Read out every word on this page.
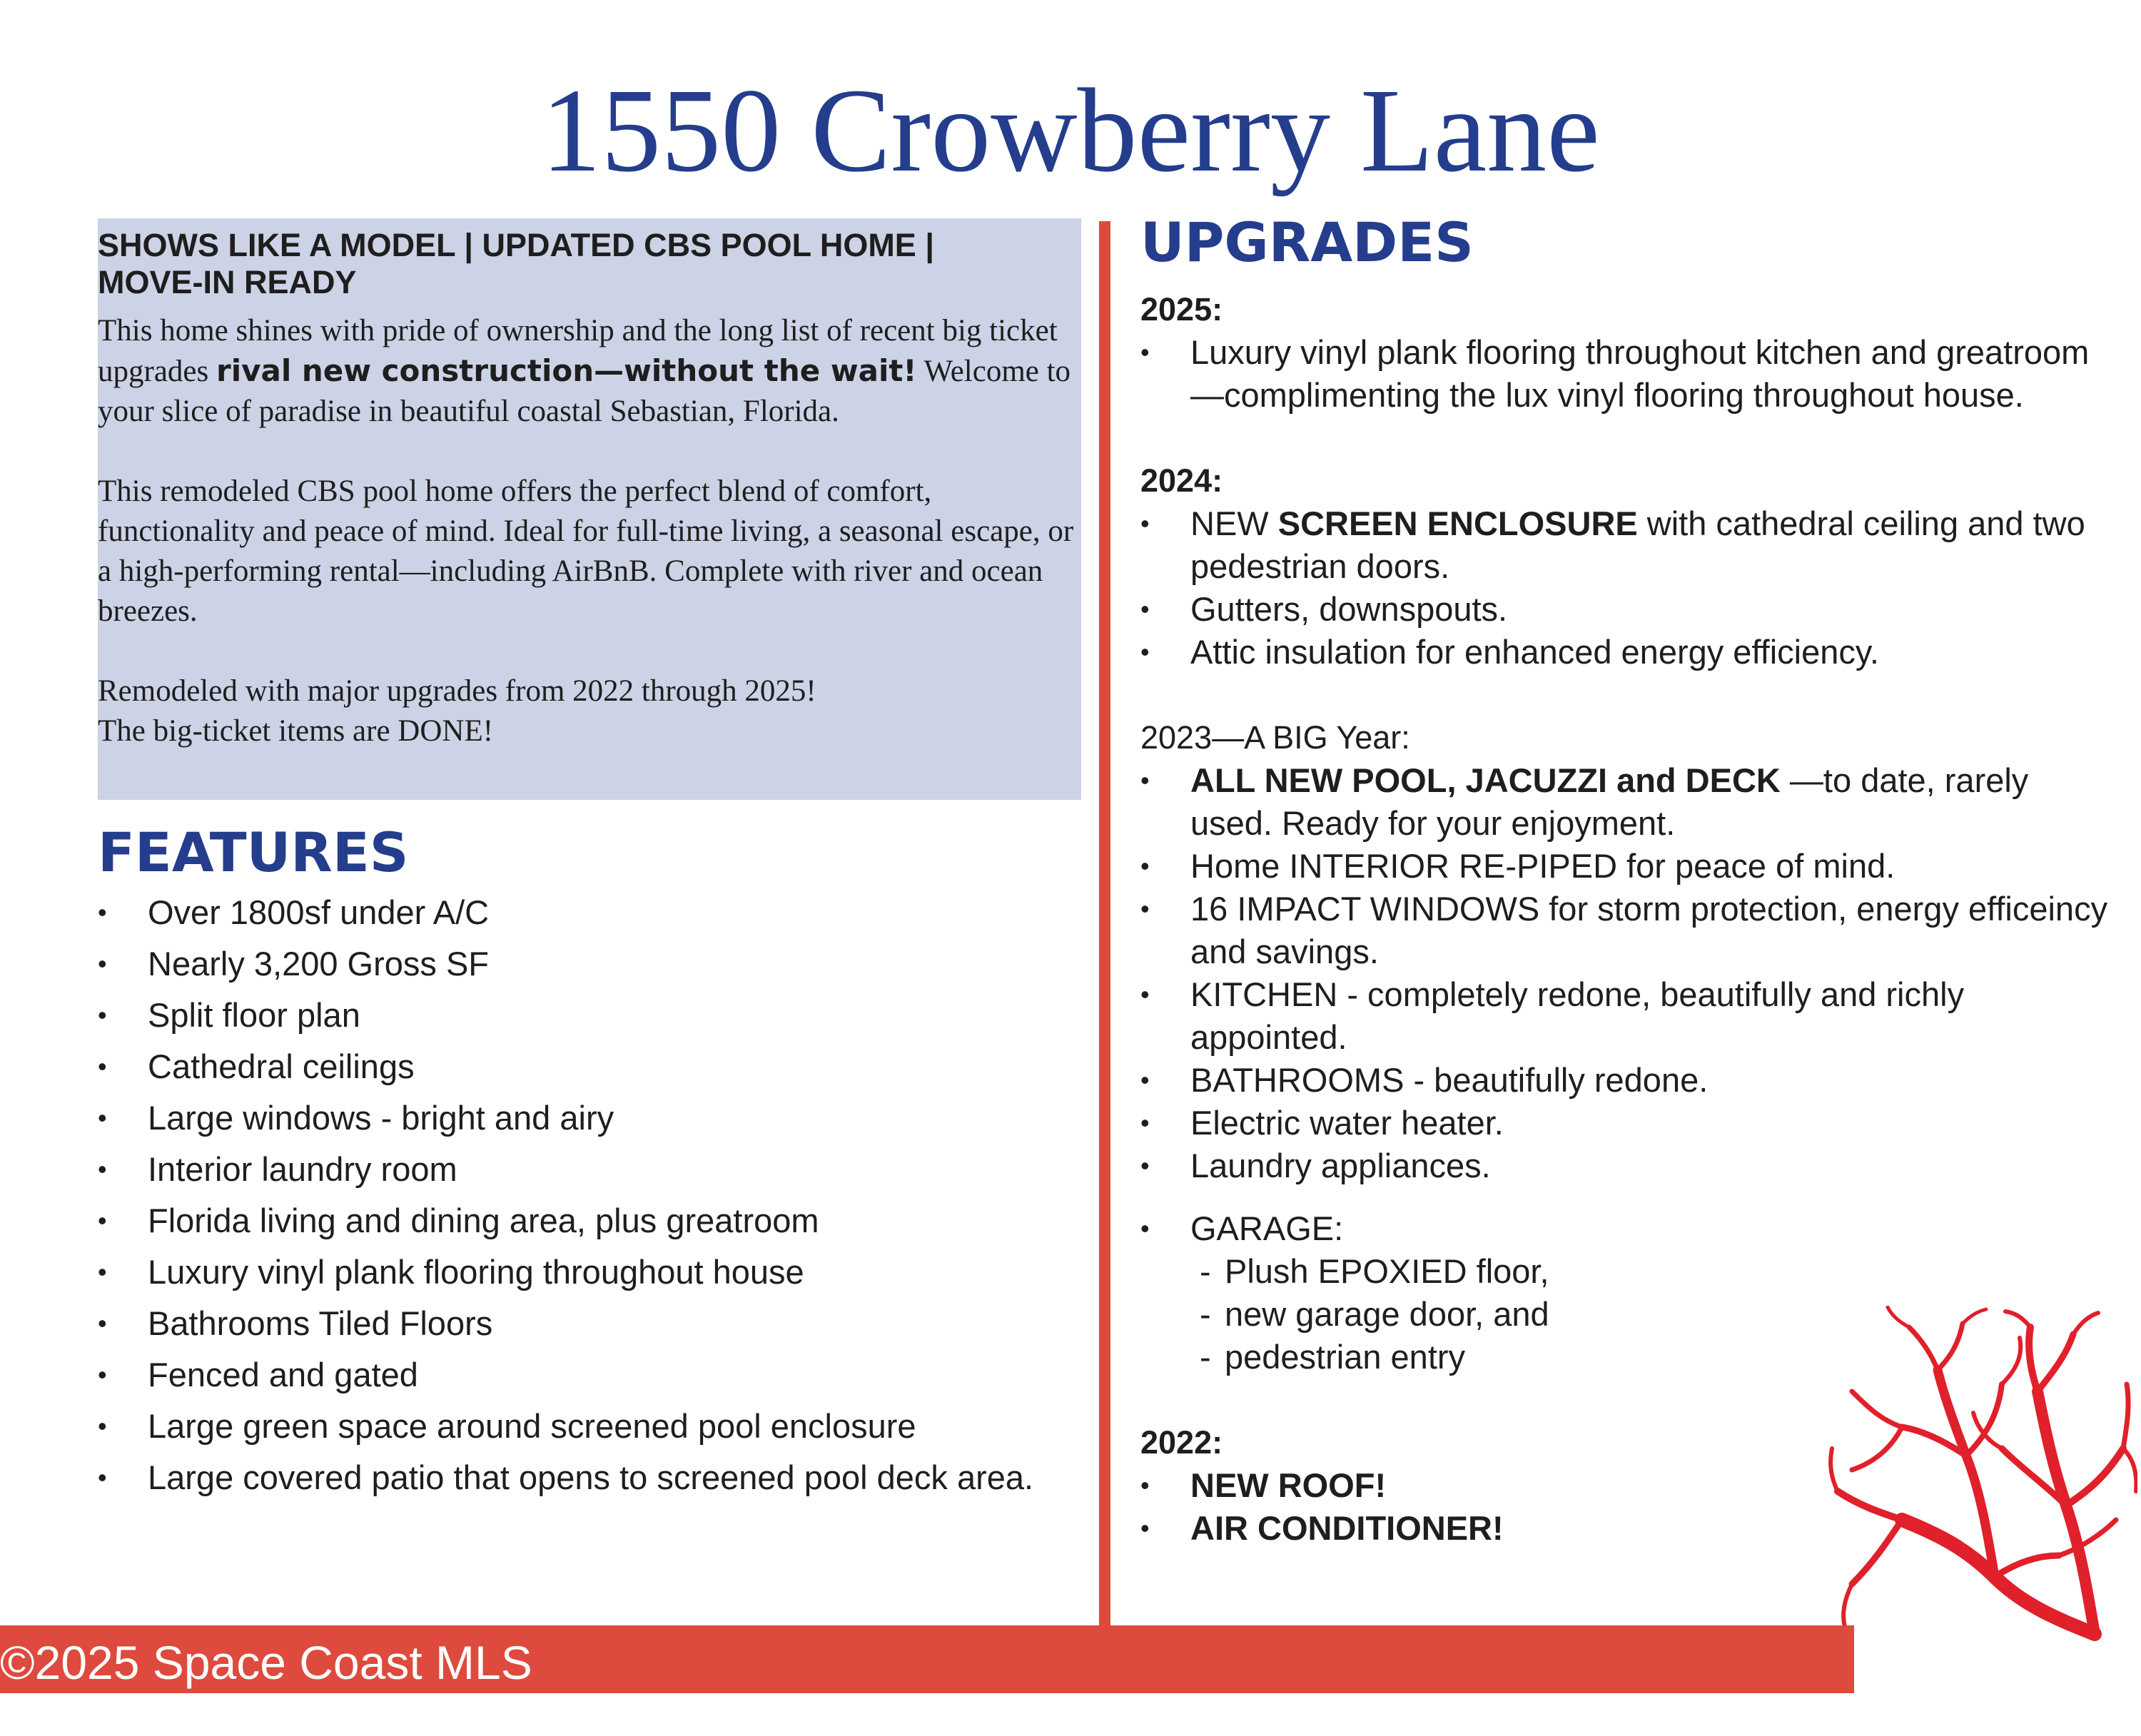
1550 Crowberry Lane

SHOWS LIKE A MODEL | UPDATED CBS POOL HOME |
MOVE-IN READY

This home shines with pride of ownership and the long list of recent big ticket upgrades rival new construction—without the wait! Welcome to your slice of paradise in beautiful coastal Sebastian, Florida.

This remodeled CBS pool home offers the perfect blend of comfort, functionality and peace of mind. Ideal for full-time living, a seasonal escape, or a high-performing rental—including AirBnB. Complete with river and ocean breezes.

Remodeled with major upgrades from 2022 through 2025!
The big-ticket items are DONE!

FEATURES
• Over 1800sf under A/C
• Nearly 3,200 Gross SF
• Split floor plan
• Cathedral ceilings
• Large windows - bright and airy
• Interior laundry room
• Florida living and dining area, plus greatroom
• Luxury vinyl plank flooring throughout house
• Bathrooms Tiled Floors
• Fenced and gated
• Large green space around screened pool enclosure
• Large covered patio that opens to screened pool deck area.
UPGRADES

2025:

• Luxury vinyl plank flooring throughout kitchen and greatroom —complimenting the lux vinyl flooring throughout house.

2024:

• NEW SCREEN ENCLOSURE with cathedral ceiling and two pedestrian doors.
• Gutters, downspouts.
• Attic insulation for enhanced energy efficiency.

2023—A BIG Year:

• ALL NEW POOL, JACUZZI and DECK —to date, rarely used. Ready for your enjoyment.
• Home INTERIOR RE-PIPED for peace of mind.
• 16 IMPACT WINDOWS for storm protection, energy efficeincy and savings.
• KITCHEN - completely redone, beautifully and richly appointed.
• BATHROOMS - beautifully redone.
• Electric water heater.
• Laundry appliances.
• GARAGE:
- Plush EPOXIED floor,
- new garage door, and
- pedestrian entry

2022:

• NEW ROOF!
• AIR CONDITIONER!
©2025 Space Coast MLS
